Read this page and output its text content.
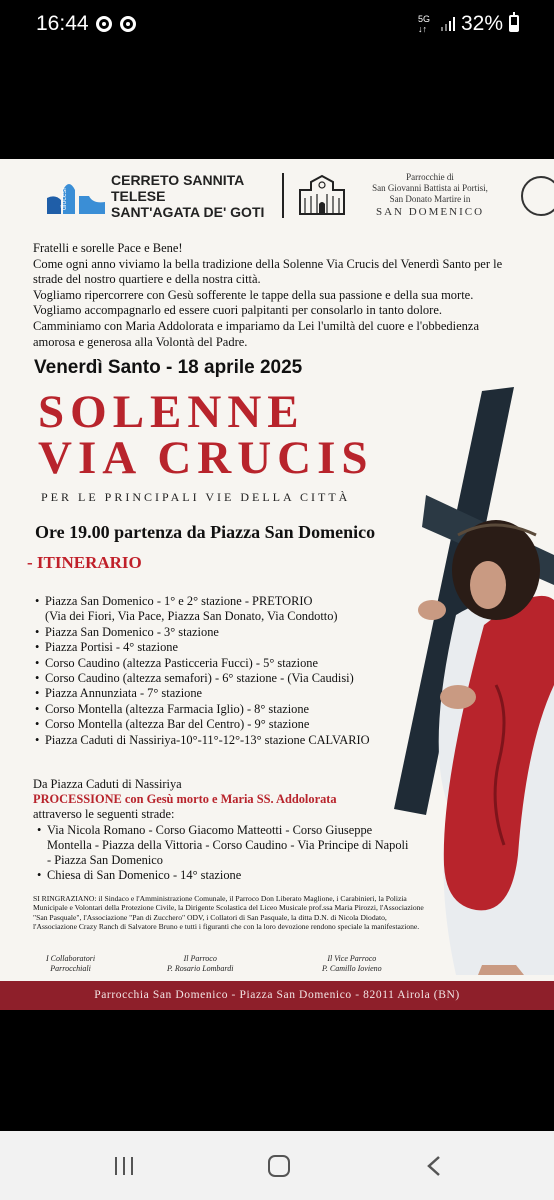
16:44	5G
↓↑ 32%
diocesi
CERRETO SANNITA
TELESE
SANT'AGATA DE' GOTI
Parrocchie di
San Giovanni Battista ai Portisi,
San Donato Martire in
SAN DOMENICO
Fratelli e sorelle Pace e Bene!
Come ogni anno viviamo la bella tradizione della Solenne Via Crucis del Venerdì Santo per le
strade del nostro quartiere e della nostra città.
Vogliamo ripercorrere con Gesù sofferente le tappe della sua passione e della sua morte.
Vogliamo accompagnarlo ed essere cuori palpitanti per consolarlo in tanto dolore.
Camminiamo con Maria Addolorata e impariamo da Lei l'umiltà del cuore e l'obbedienza
amorosa e generosa alla Volontà del Padre.
Venerdì Santo - 18 aprile 2025
SOLENNE
VIA CRUCIS
PER LE PRINCIPALI VIE DELLA CITTÀ
Ore 19.00 partenza da Piazza San Domenico
- ITINERARIO
• Piazza San Domenico - 1° e 2° stazione - PRETORIO
(Via dei Fiori, Via Pace, Piazza San Donato, Via Condotto)
• Piazza San Domenico - 3° stazione
• Piazza Portisi - 4° stazione
• Corso Caudino (altezza Pasticceria Fucci) - 5° stazione
• Corso Caudino (altezza semafori) - 6° stazione - (Via Caudisi)
• Piazza Annunziata - 7° stazione
• Corso Montella (altezza Farmacia Iglio) - 8° stazione
• Corso Montella (altezza Bar del Centro) - 9° stazione
• Piazza Caduti di Nassiriya-10°-11°-12°-13° stazione CALVARIO
Da Piazza Caduti di Nassiriya
PROCESSIONE con Gesù morto e Maria SS. Addolorata
attraverso le seguenti strade:
• Via Nicola Romano - Corso Giacomo Matteotti - Corso Giuseppe Montella - Piazza della Vittoria - Corso Caudino - Via Principe di Napoli - Piazza San Domenico
• Chiesa di San Domenico - 14° stazione
SI RINGRAZIANO: il Sindaco e l'Amministrazione Comunale, il Parroco Don Liberato Maglione, i Carabinieri, la Polizia Municipale e Volontari della Protezione Civile, la Dirigente Scolastica del Liceo Musicale prof.ssa Maria Pirozzi, l'Associazione "San Pasquale", l'Associazione "Pan di Zucchero" ODV, i Collatori di San Pasquale, la ditta D.N. di Nicola Diodato, l'Associazione Crazy Ranch di Salvatore Bruno e tutti i figuranti che con la loro devozione rendono speciale la manifestazione.
I Collaboratori
Parrocchiali
Il Parroco
P. Rosario Lombardi
Il Vice Parroco
P. Camillo Iovieno
Parrocchia San Domenico - Piazza San Domenico - 82011 Airola (BN)
